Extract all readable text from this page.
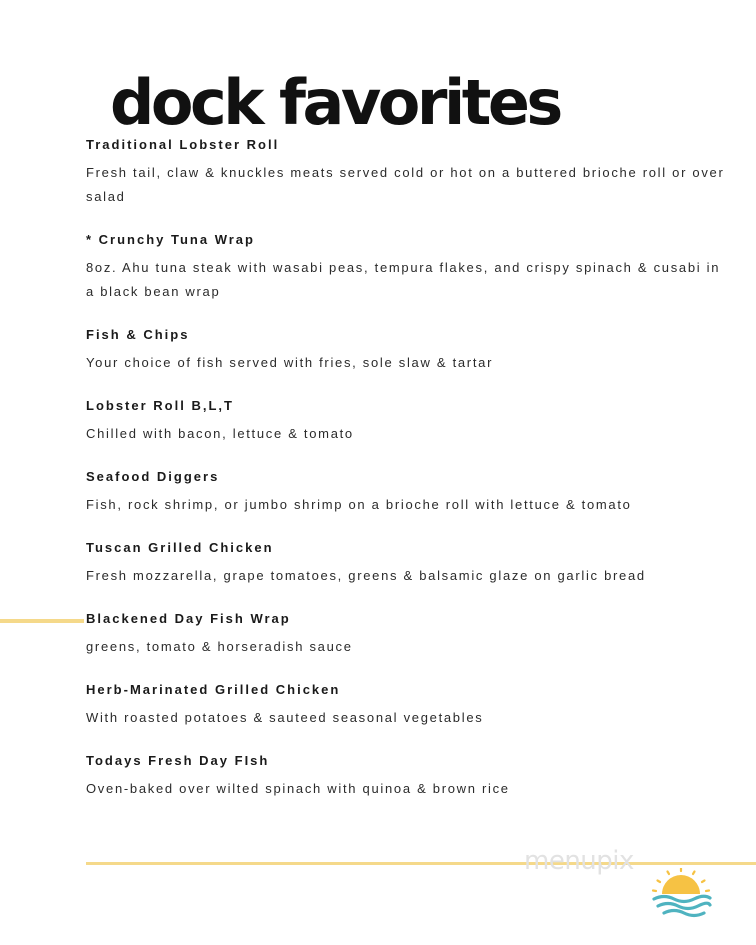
dock favorites
Traditional Lobster Roll
Fresh tail, claw & knuckles meats served cold or hot on a buttered brioche roll or over salad
* Crunchy Tuna Wrap
8oz. Ahu tuna steak with wasabi peas, tempura flakes, and crispy spinach & cusabi in a black bean wrap
Fish & Chips
Your choice of fish served with fries, sole slaw & tartar
Lobster Roll B,L,T
Chilled with bacon, lettuce & tomato
Seafood Diggers
Fish, rock shrimp, or jumbo shrimp on a brioche roll with lettuce & tomato
Tuscan Grilled Chicken
Fresh mozzarella, grape tomatoes, greens & balsamic glaze on garlic bread
Blackened Day Fish Wrap
greens, tomato & horseradish sauce
Herb-Marinated Grilled Chicken
With roasted potatoes & sauteed seasonal vegetables
Todays Fresh Day FIsh
Oven-baked over wilted spinach with quinoa & brown rice
menupix
